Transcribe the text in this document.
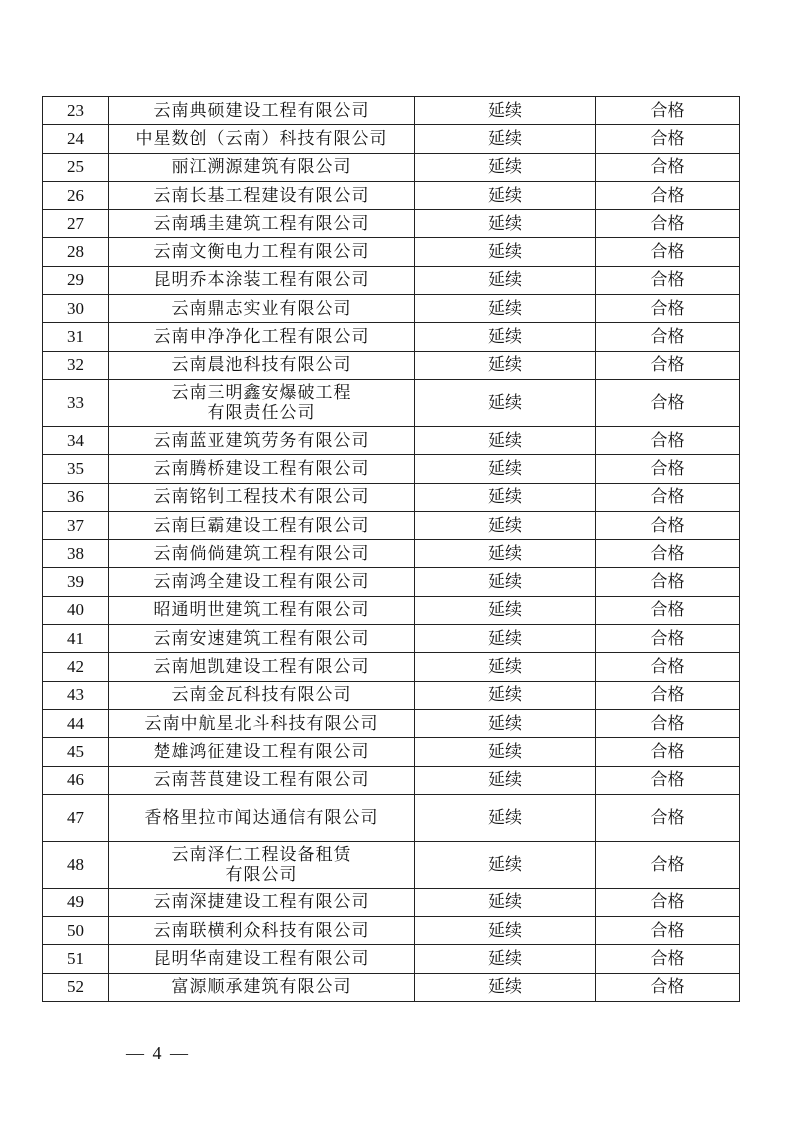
23	云南典硕建设工程有限公司	延续	合格
24	中星数创（云南）科技有限公司	延续	合格
25	丽江溯源建筑有限公司	延续	合格
26	云南长基工程建设有限公司	延续	合格
27	云南瑀圭建筑工程有限公司	延续	合格
28	云南文衡电力工程有限公司	延续	合格
29	昆明乔本涂装工程有限公司	延续	合格
30	云南鼎志实业有限公司	延续	合格
31	云南申净净化工程有限公司	延续	合格
32	云南晨池科技有限公司	延续	合格
33	云南三明鑫安爆破工程
有限责任公司	延续	合格
34	云南蓝亚建筑劳务有限公司	延续	合格
35	云南腾桥建设工程有限公司	延续	合格
36	云南铭钊工程技术有限公司	延续	合格
37	云南巨霸建设工程有限公司	延续	合格
38	云南倘倘建筑工程有限公司	延续	合格
39	云南鸿全建设工程有限公司	延续	合格
40	昭通明世建筑工程有限公司	延续	合格
41	云南安速建筑工程有限公司	延续	合格
42	云南旭凯建设工程有限公司	延续	合格
43	云南金瓦科技有限公司	延续	合格
44	云南中航星北斗科技有限公司	延续	合格
45	楚雄鸿征建设工程有限公司	延续	合格
46	云南菩茛建设工程有限公司	延续	合格
47	香格里拉市闻达通信有限公司	延续	合格
48	云南泽仁工程设备租赁
有限公司	延续	合格
49	云南深捷建设工程有限公司	延续	合格
50	云南联横利众科技有限公司	延续	合格
51	昆明华南建设工程有限公司	延续	合格
52	富源顺承建筑有限公司	延续	合格
— 4 —
